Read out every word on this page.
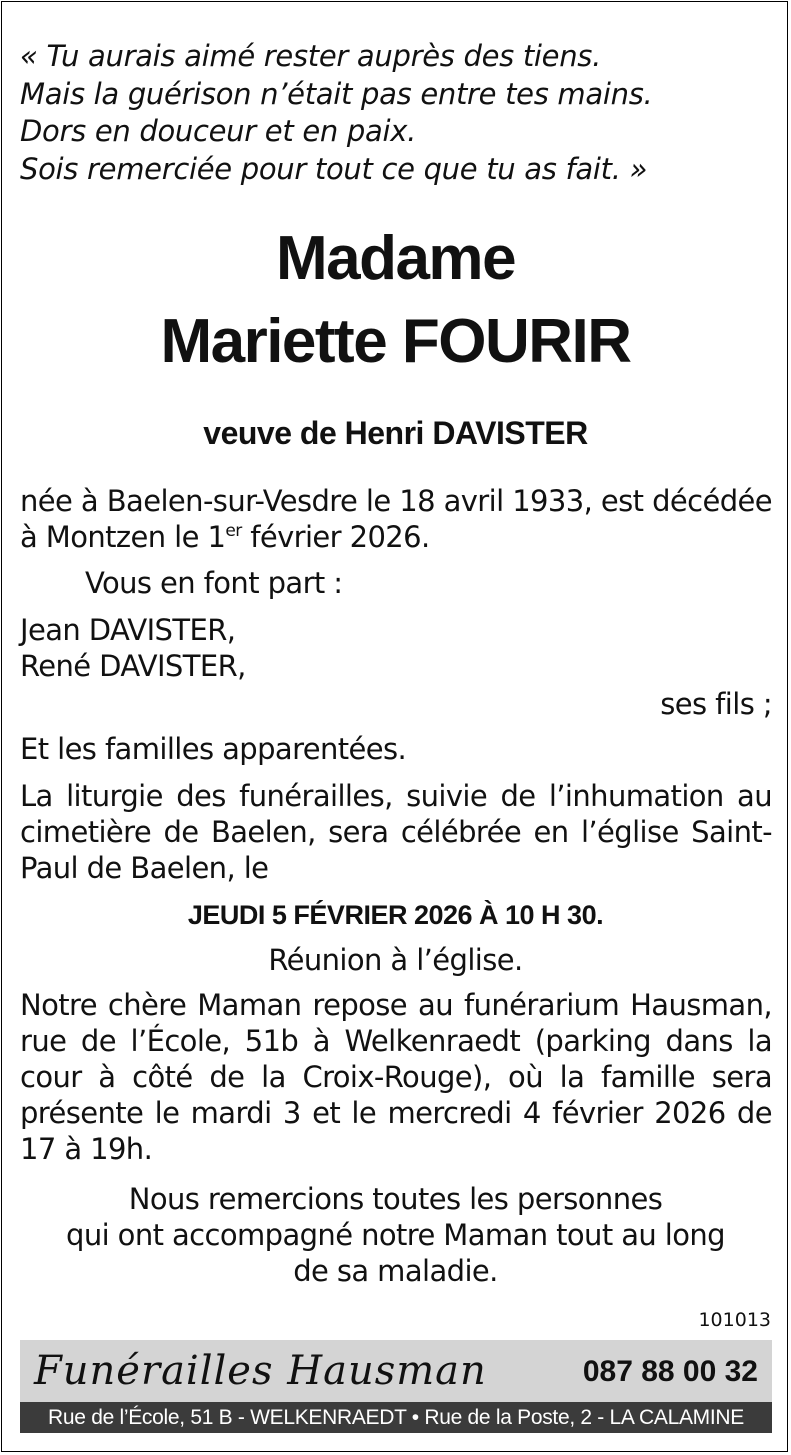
« Tu aurais aimé rester auprès des tiens.
Mais la guérison n’était pas entre tes mains.
Dors en douceur et en paix.
Sois remerciée pour tout ce que tu as fait. »
Madame
Mariette FOURIR
veuve de Henri DAVISTER
née à Baelen-sur-Vesdre le 18 avril 1933, est décédée à Montzen le 1er février 2026.
Vous en font part :
Jean DAVISTER,
René DAVISTER,
ses fils ;
Et les familles apparentées.
La liturgie des funérailles, suivie de l’inhumation au cimetière de Baelen, sera célébrée en l’église Saint-Paul de Baelen, le
JEUDI 5 FÉVRIER 2026 À 10 H 30.
Réunion à l’église.
Notre chère Maman repose au funérarium Hausman, rue de l’École, 51b à Welkenraedt (parking dans la cour à côté de la Croix-Rouge), où la famille sera présente le mardi 3 et le mercredi 4 février 2026 de 17 à 19h.
Nous remercions toutes les personnes
qui ont accompagné notre Maman tout au long
de sa maladie.
101013
Funérailles Hausman	087 88 00 32
Rue de l’École, 51 B - WELKENRAEDT • Rue de la Poste, 2 - LA CALAMINE
